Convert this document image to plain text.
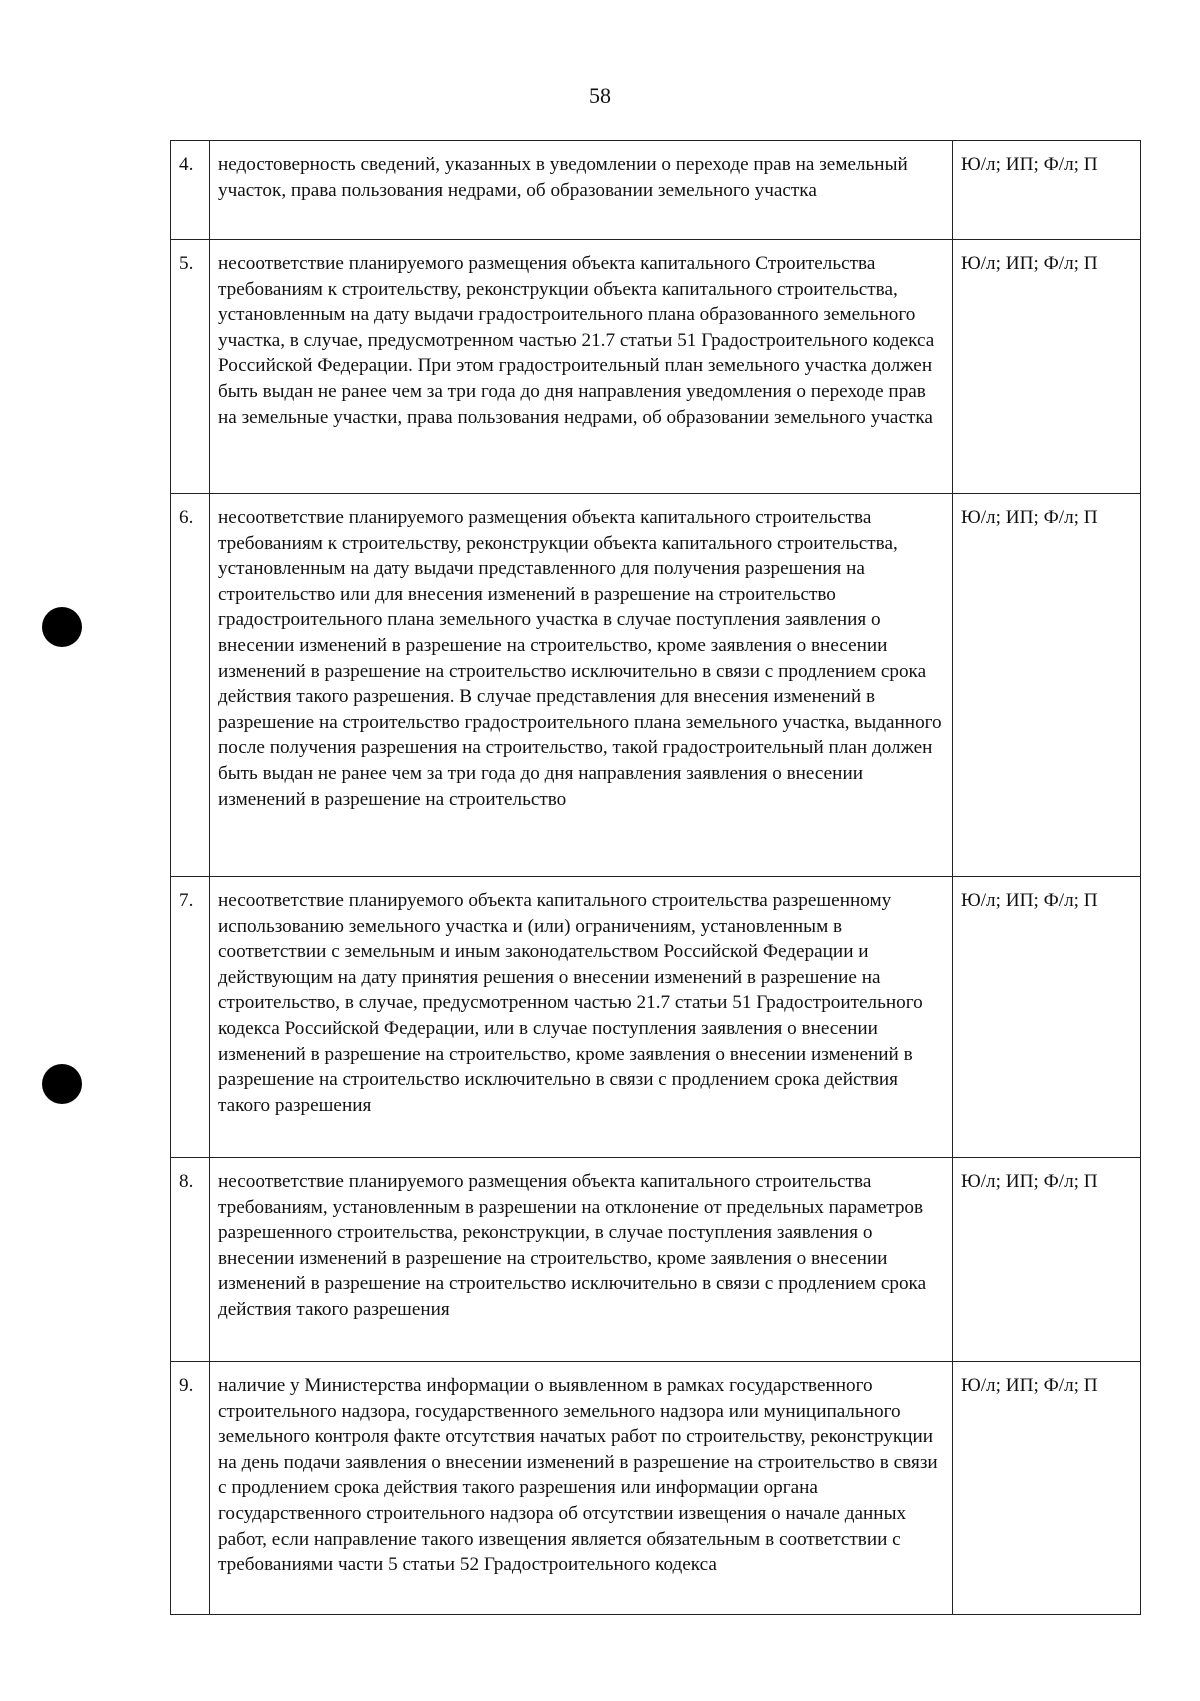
58
4.	недостоверность сведений, указанных в уведомлении о переходе прав на земельный участок, права пользования недрами, об образовании земельного участка	Ю/л; ИП; Ф/л; П
5.	несоответствие планируемого размещения объекта капитального Строительства требованиям к строительству, реконструкции объекта капитального строительства, установленным на дату выдачи градостроительного плана образованного земельного участка, в случае, предусмотренном частью 21.7 статьи 51 Градостроительного кодекса Российской Федерации. При этом градостроительный план земельного участка должен быть выдан не ранее чем за три года до дня направления уведомления о переходе прав на земельные участки, права пользования недрами, об образовании земельного участка	Ю/л; ИП; Ф/л; П
6.	несоответствие планируемого размещения объекта капитального строительства требованиям к строительству, реконструкции объекта капитального строительства, установленным на дату выдачи представленного для получения разрешения на строительство или для внесения изменений в разрешение на строительство градостроительного плана земельного участка в случае поступления заявления о внесении изменений в разрешение на строительство, кроме заявления о внесении изменений в разрешение на строительство исключительно в связи с продлением срока действия такого разрешения. В случае представления для внесения изменений в разрешение на строительство градостроительного плана земельного участка, выданного после получения разрешения на строительство, такой градостроительный план должен быть выдан не ранее чем за три года до дня направления заявления о внесении изменений в разрешение на строительство	Ю/л; ИП; Ф/л; П
7.	несоответствие планируемого объекта капитального строительства разрешенному использованию земельного участка и (или) ограничениям, установленным в соответствии с земельным и иным законодательством Российской Федерации и действующим на дату принятия решения о внесении изменений в разрешение на строительство, в случае, предусмотренном частью 21.7 статьи 51 Градостроительного кодекса Российской Федерации, или в случае поступления заявления о внесении изменений в разрешение на строительство, кроме заявления о внесении изменений в разрешение на строительство исключительно в связи с продлением срока действия такого разрешения	Ю/л; ИП; Ф/л; П
8.	несоответствие планируемого размещения объекта капитального строительства требованиям, установленным в разрешении на отклонение от предельных параметров разрешенного строительства, реконструкции, в случае поступления заявления о внесении изменений в разрешение на строительство, кроме заявления о внесении изменений в разрешение на строительство исключительно в связи с продлением срока действия такого разрешения	Ю/л; ИП; Ф/л; П
9.	наличие у Министерства информации о выявленном в рамках государственного строительного надзора, государственного земельного надзора или муниципального земельного контроля факте отсутствия начатых работ по строительству, реконструкции на день подачи заявления о внесении изменений в разрешение на строительство в связи с продлением срока действия такого разрешения или информации органа государственного строительного надзора об отсутствии извещения о начале данных работ, если направление такого извещения является обязательным в соответствии с требованиями части 5 статьи 52 Градостроительного кодекса	Ю/л; ИП; Ф/л; П
